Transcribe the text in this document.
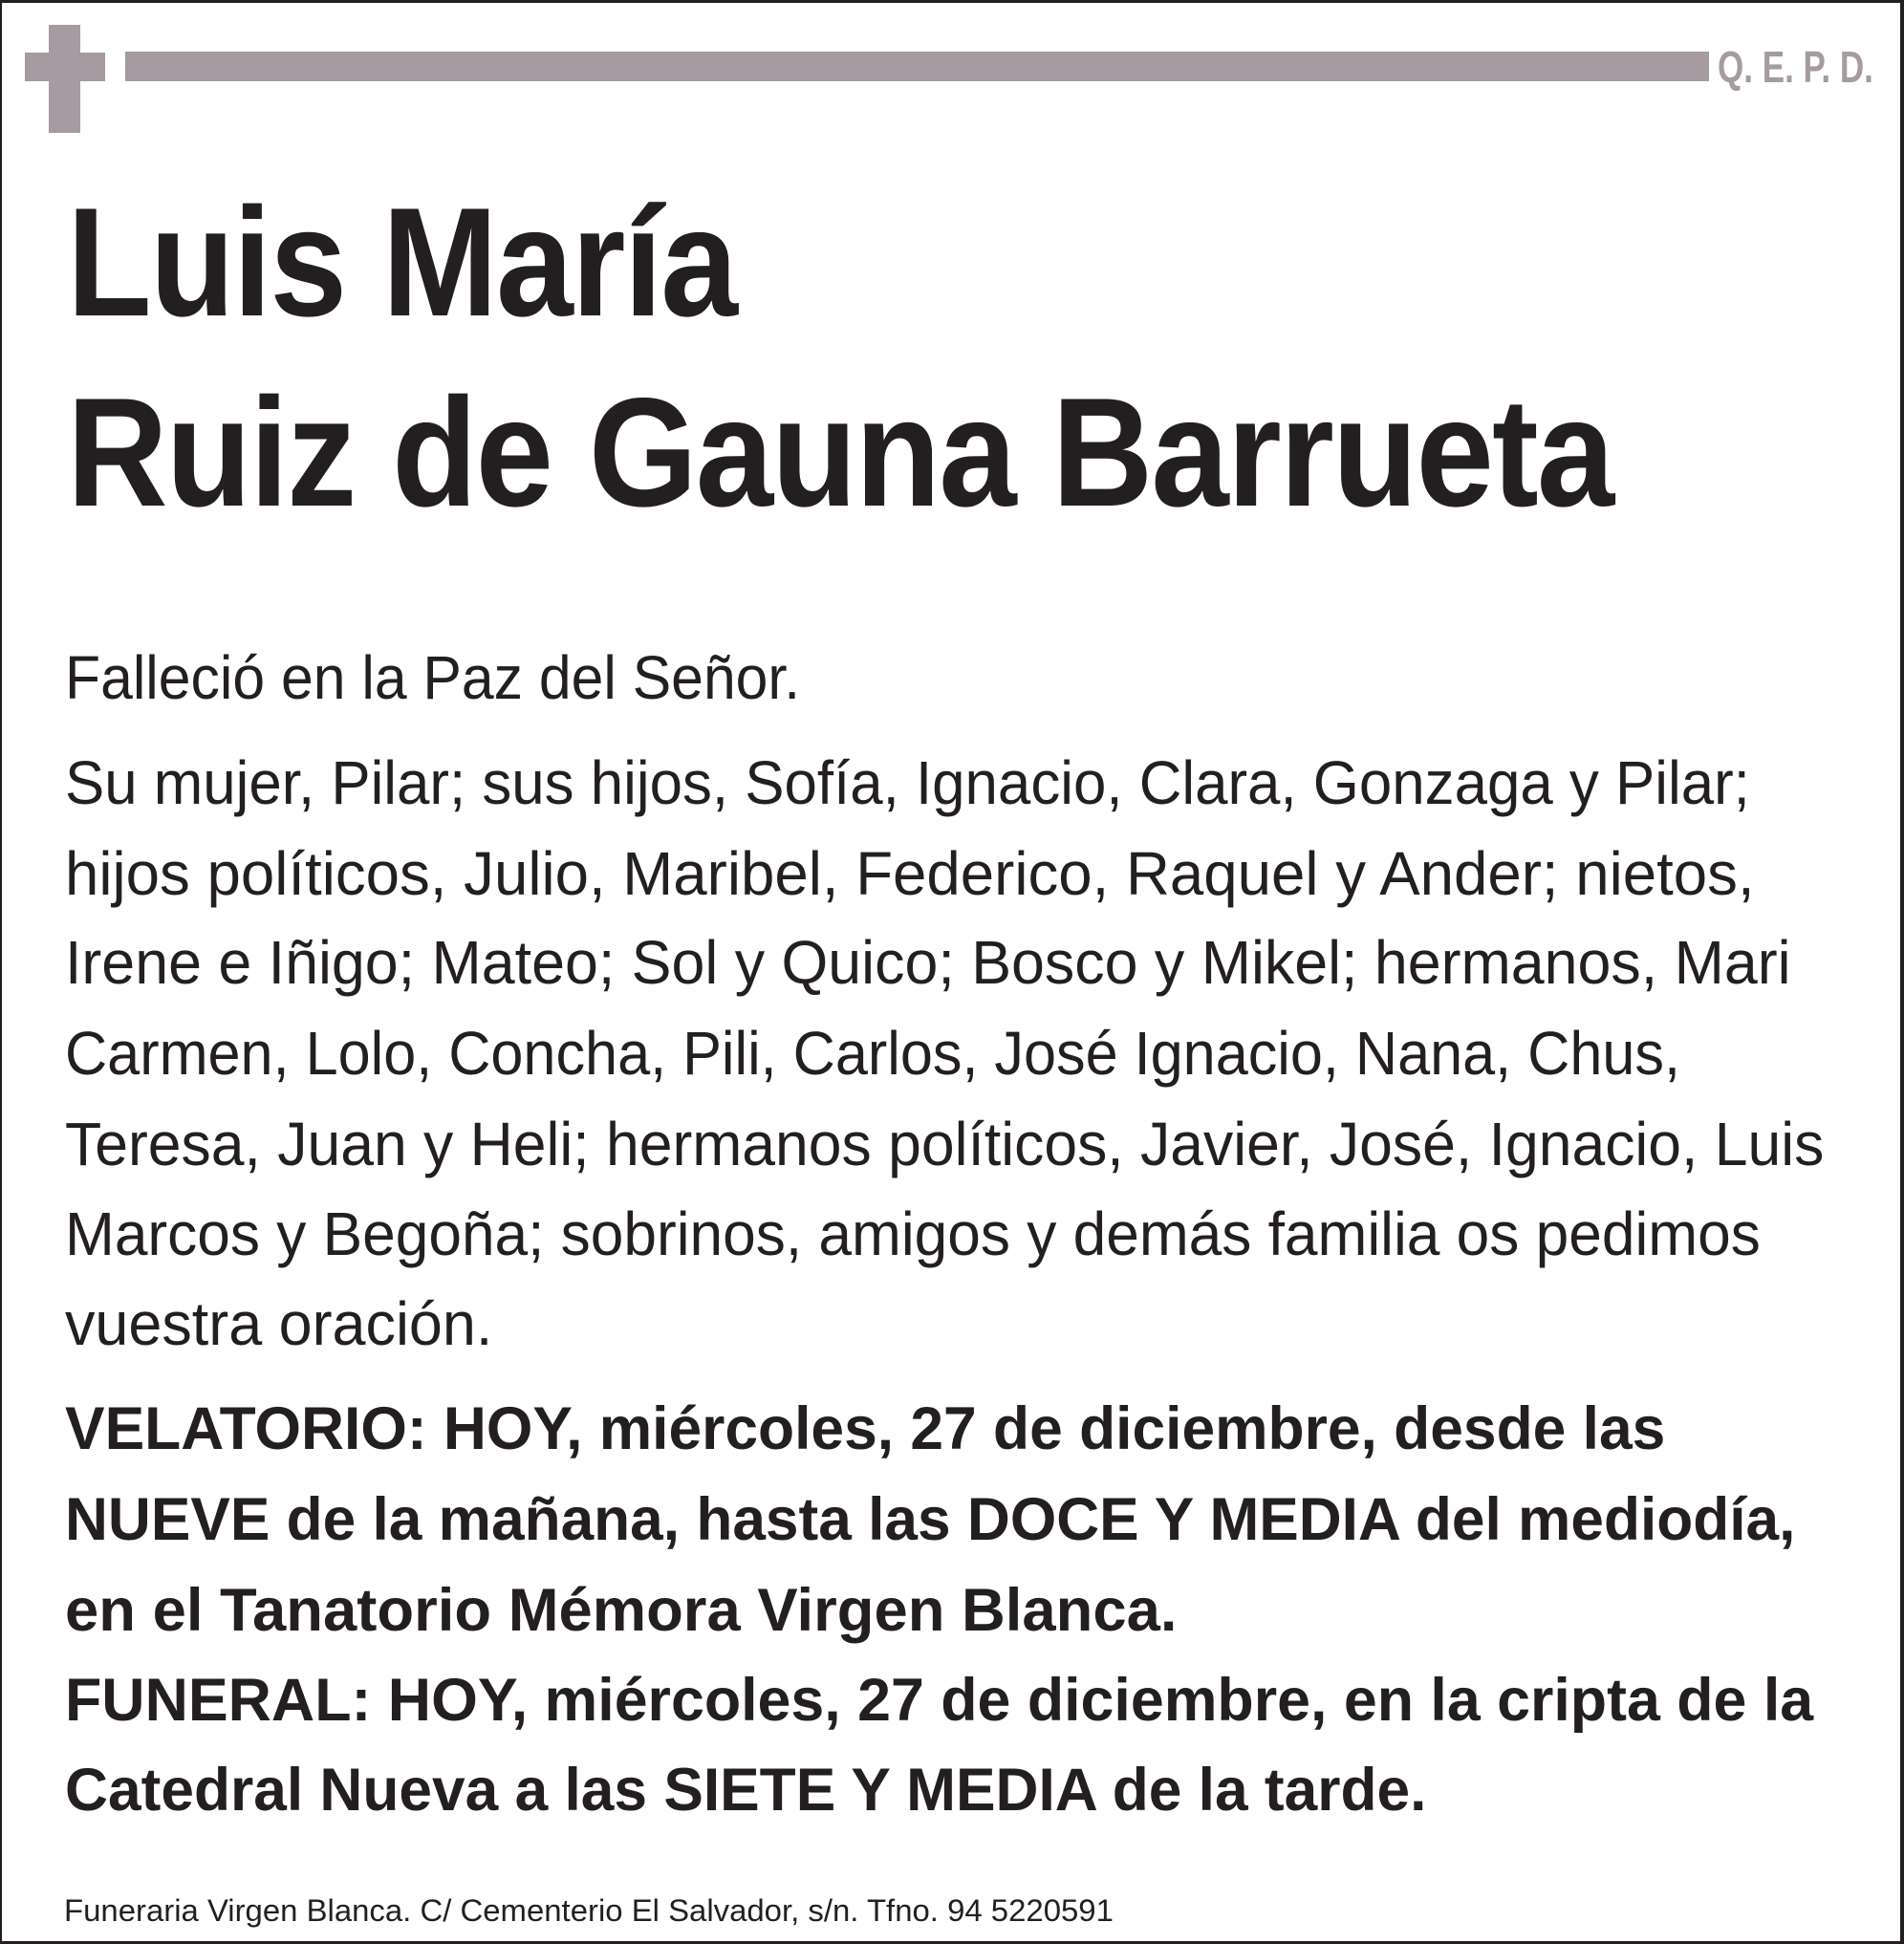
Q. E. P. D.
Luis María
Ruiz de Gauna Barrueta
Falleció en la Paz del Señor.
Su mujer, Pilar; sus hijos, Sofía, Ignacio, Clara, Gonzaga y Pilar;
hijos políticos, Julio, Maribel, Federico, Raquel y Ander; nietos,
Irene e Iñigo; Mateo; Sol y Quico; Bosco y Mikel; hermanos, Mari
Carmen, Lolo, Concha, Pili, Carlos, José Ignacio, Nana, Chus,
Teresa, Juan y Heli; hermanos políticos, Javier, José, Ignacio, Luis
Marcos y Begoña; sobrinos, amigos y demás familia os pedimos
vuestra oración.
VELATORIO: HOY, miércoles, 27 de diciembre, desde las
NUEVE de la mañana, hasta las DOCE Y MEDIA del mediodía,
en el Tanatorio Mémora Virgen Blanca.
FUNERAL: HOY, miércoles, 27 de diciembre, en la cripta de la
Catedral Nueva a las SIETE Y MEDIA de la tarde.
Funeraria Virgen Blanca. C/ Cementerio El Salvador, s/n. Tfno. 94 5220591
